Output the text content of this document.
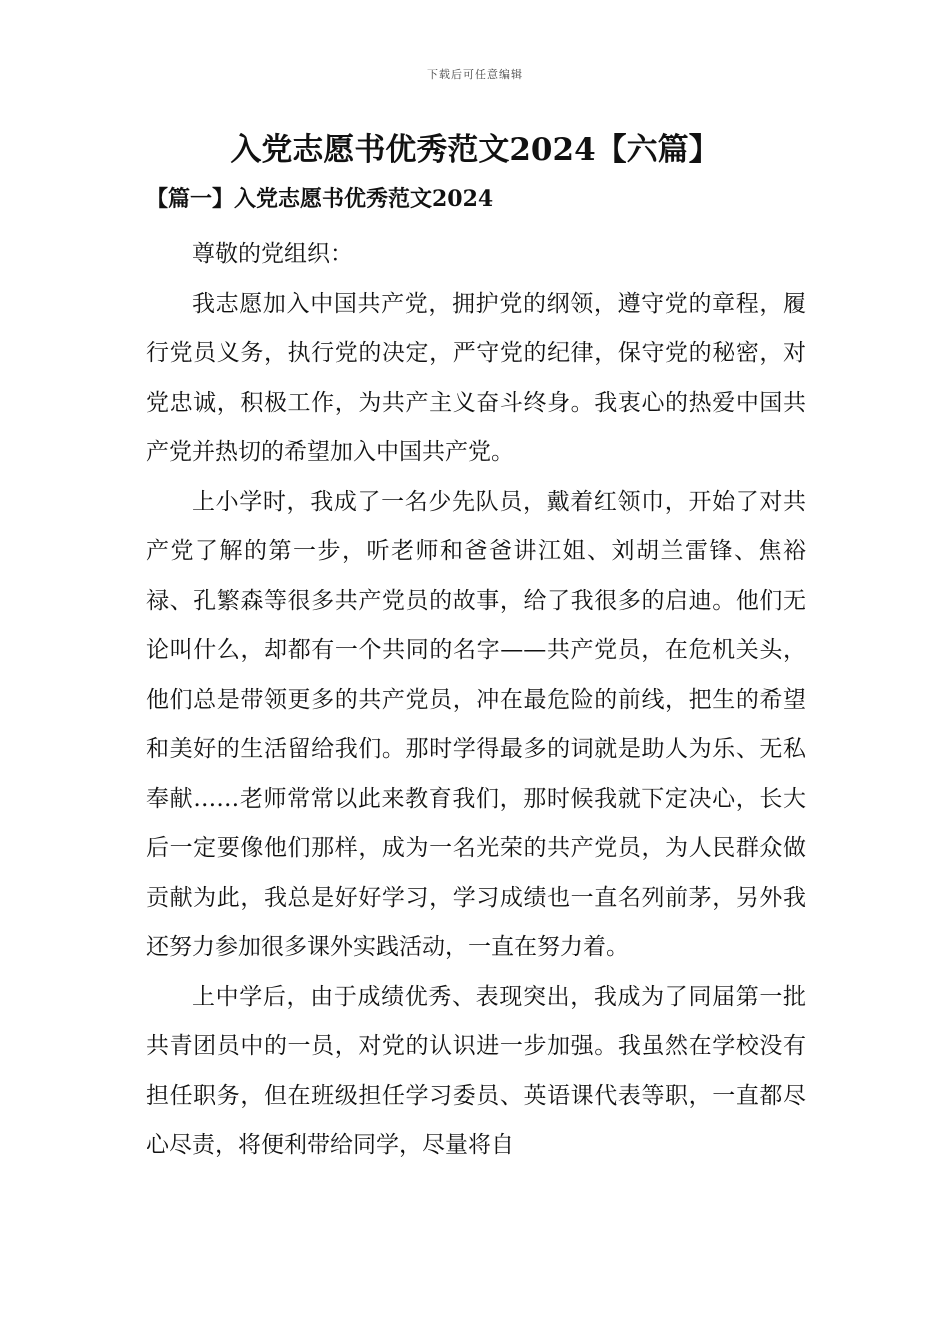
下载后可任意编辑
入党志愿书优秀范文2024【六篇】
【篇一】入党志愿书优秀范文2024

尊敬的党组织：

我志愿加入中国共产党，拥护党的纲领，遵守党的章程，履行党员义务，执行党的决定，严守党的纪律，保守党的秘密，对党忠诚，积极工作，为共产主义奋斗终身。我衷心的热爱中国共产党并热切的希望加入中国共产党。

上小学时，我成了一名少先队员，戴着红领巾，开始了对共产党了解的第一步，听老师和爸爸讲江姐、刘胡兰雷锋、焦裕禄、孔繁森等很多共产党员的故事，给了我很多的启迪。他们无论叫什么，却都有一个共同的名字——共产党员，在危机关头，他们总是带领更多的共产党员，冲在最危险的前线，把生的希望和美好的生活留给我们。那时学得最多的词就是助人为乐、无私奉献……老师常常以此来教育我们，那时候我就下定决心，长大后一定要像他们那样，成为一名光荣的共产党员，为人民群众做贡献为此，我总是好好学习，学习成绩也一直名列前茅，另外我还努力参加很多课外实践活动，一直在努力着。

上中学后，由于成绩优秀、表现突出，我成为了同届第一批共青团员中的一员，对党的认识进一步加强。我虽然在学校没有担任职务，但在班级担任学习委员、英语课代表等职，一直都尽心尽责，将便利带给同学，尽量将自
